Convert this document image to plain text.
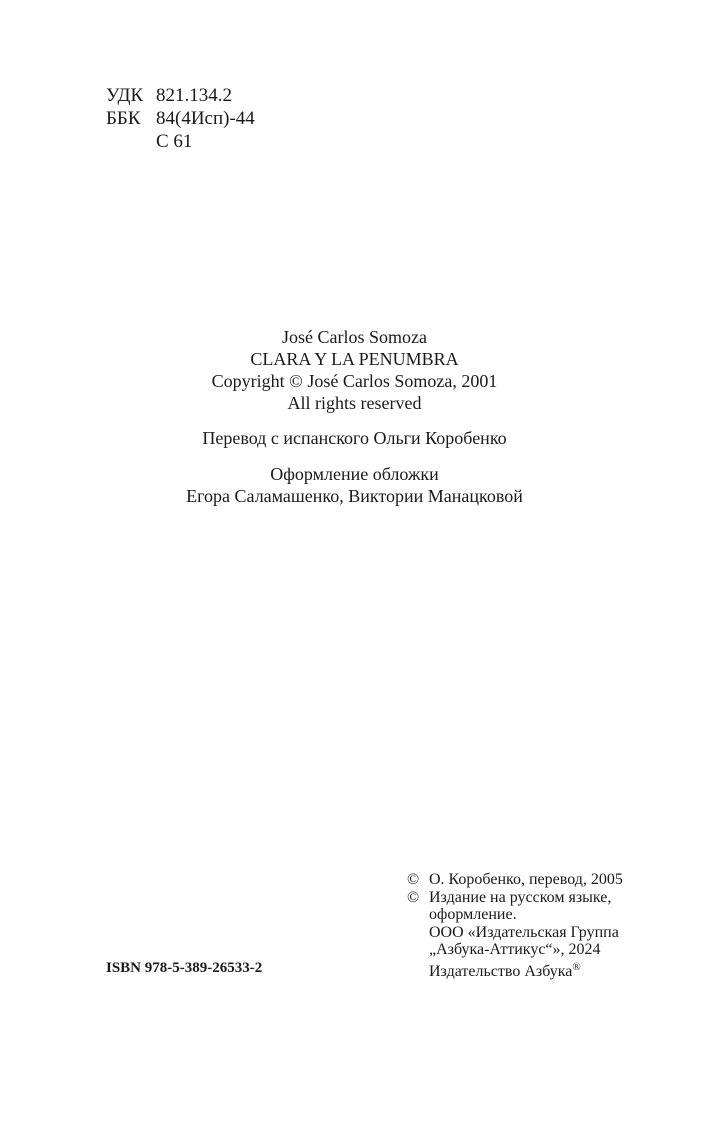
УДК 821.134.2
ББК 84(4Исп)-44
С 61
José Carlos Somoza
CLARA Y LA PENUMBRA
Copyright © José Carlos Somoza, 2001
All rights reserved
Перевод с испанского Ольги Коробенко
Оформление обложки
Егора Саламашенко, Виктории Манацковой
© О. Коробенко, перевод, 2005
© Издание на русском языке,
оформление.
ООО «Издательская Группа
„Азбука-Аттикус“», 2024
Издательство Азбука®
ISBN 978-5-389-26533-2
